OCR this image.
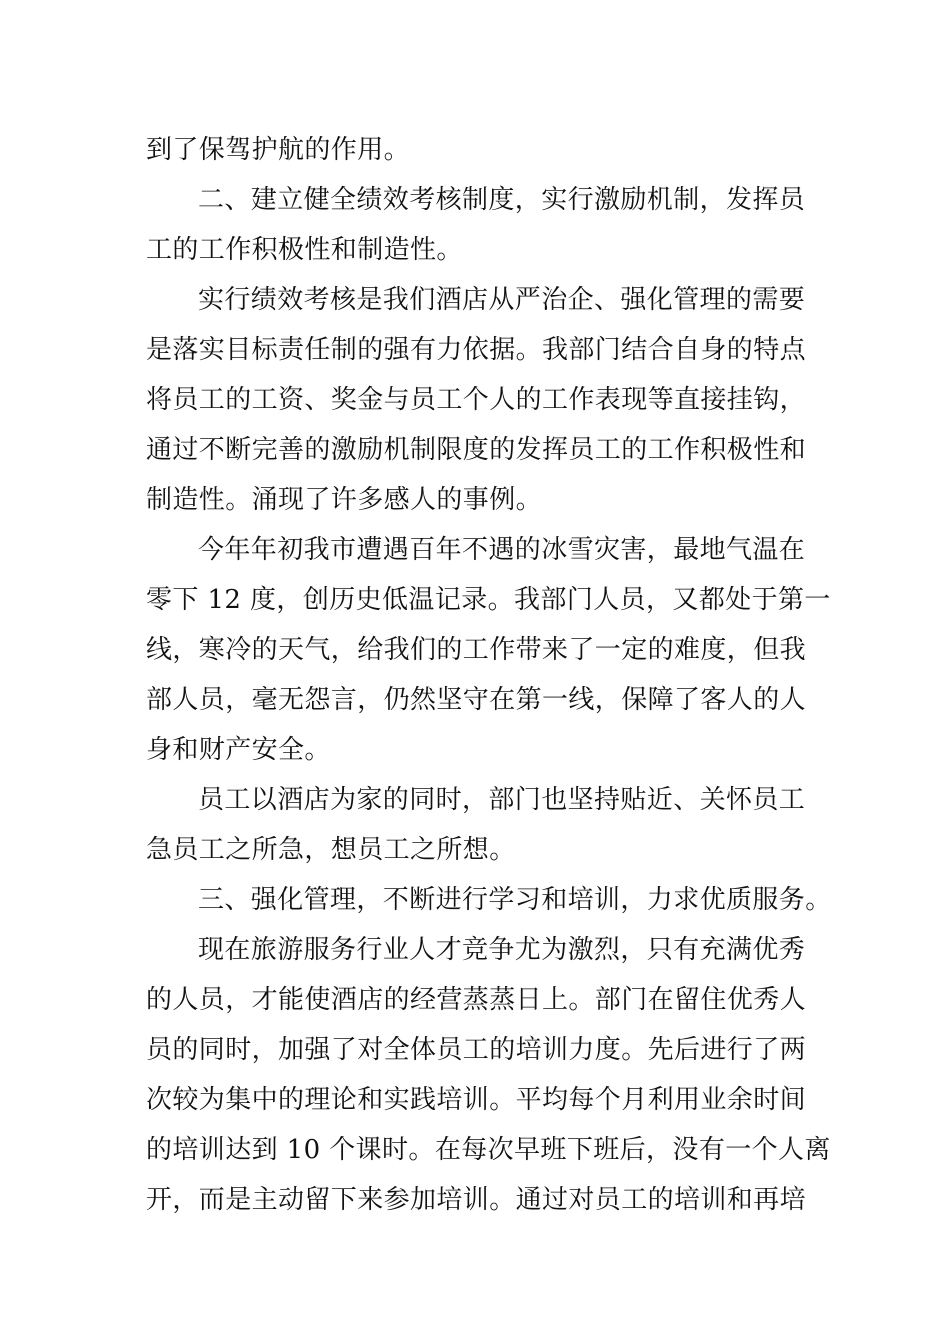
到了保驾护航的作用。
二、建立健全绩效考核制度，实行激励机制，发挥员
工的工作积极性和制造性。
实行绩效考核是我们酒店从严治企、强化管理的需要
是落实目标责任制的强有力依据。我部门结合自身的特点
将员工的工资、奖金与员工个人的工作表现等直接挂钩，
通过不断完善的激励机制限度的发挥员工的工作积极性和
制造性。涌现了许多感人的事例。
今年年初我市遭遇百年不遇的冰雪灾害，最地气温在
零下 12 度，创历史低温记录。我部门人员，又都处于第一
线，寒冷的天气，给我们的工作带来了一定的难度，但我
部人员，毫无怨言，仍然坚守在第一线，保障了客人的人
身和财产安全。
员工以酒店为家的同时，部门也坚持贴近、关怀员工
急员工之所急，想员工之所想。
三、强化管理，不断进行学习和培训，力求优质服务。
现在旅游服务行业人才竞争尤为激烈，只有充满优秀
的人员，才能使酒店的经营蒸蒸日上。部门在留住优秀人
员的同时，加强了对全体员工的培训力度。先后进行了两
次较为集中的理论和实践培训。平均每个月利用业余时间
的培训达到 10 个课时。在每次早班下班后，没有一个人离
开，而是主动留下来参加培训。通过对员工的培训和再培
